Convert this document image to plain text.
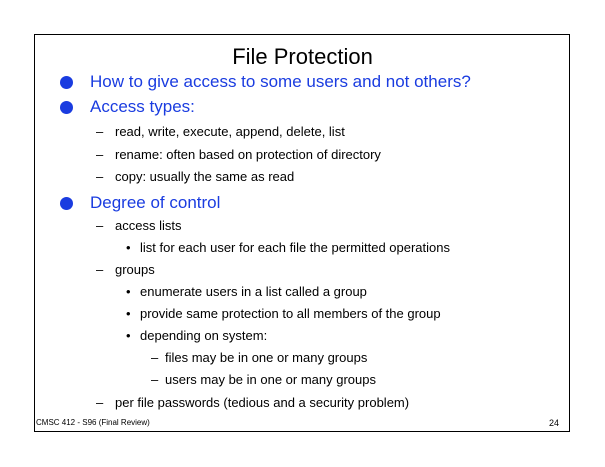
File Protection
How to give access to some users and not others?
Access types:
– read, write, execute, append, delete, list
– rename: often based on protection of directory
– copy: usually the same as read
Degree of control
– access lists
• list for each user for each file the permitted operations
– groups
• enumerate users in a list called a group
• provide same protection to all members of the group
• depending on system:
– files may be in one or many groups
– users may be in one or many groups
– per file passwords (tedious and a security problem)
CMSC 412 - S96 (Final Review)	24
